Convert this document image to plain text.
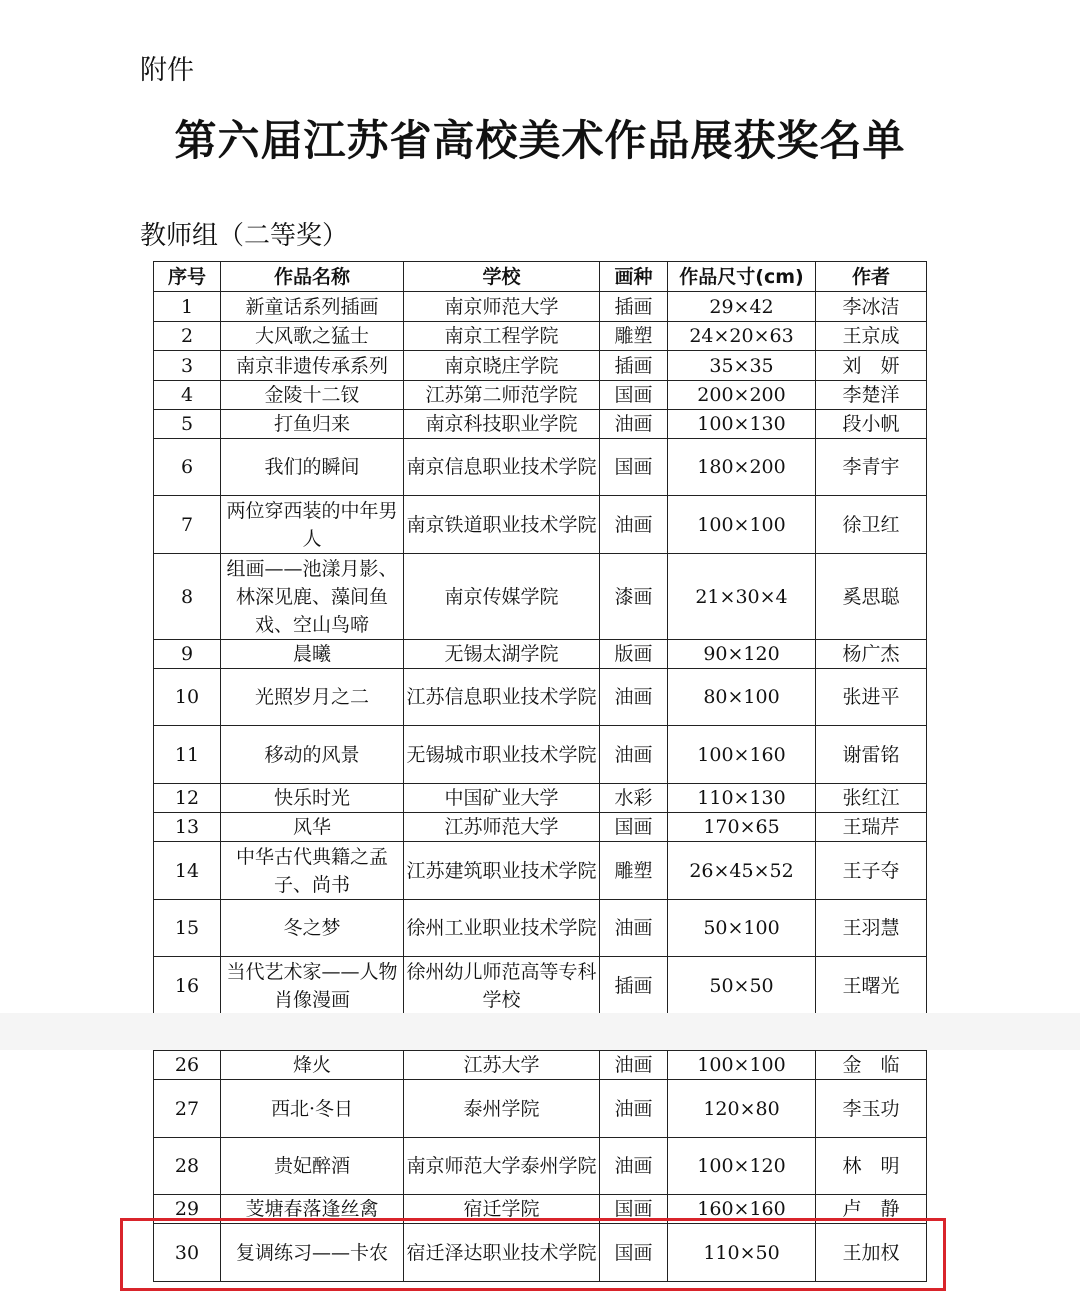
附件
第六届江苏省高校美术作品展获奖名单
教师组（二等奖）
序号	作品名称	学校	画种	作品尺寸(cm)	作者
1	新童话系列插画	南京师范大学	插画	29×42	李冰洁
2	大风歌之猛士	南京工程学院	雕塑	24×20×63	王京成
3	南京非遗传承系列	南京晓庄学院	插画	35×35	刘　妍
4	金陵十二钗	江苏第二师范学院	国画	200×200	李楚洋
5	打鱼归来	南京科技职业学院	油画	100×130	段小帆
6	我们的瞬间	南京信息职业技术学院	国画	180×200	李青宇
7	两位穿西装的中年男人	南京铁道职业技术学院	油画	100×100	徐卫红
8	组画——池漾月影、林深见鹿、藻间鱼戏、空山鸟啼	南京传媒学院	漆画	21×30×4	奚思聪
9	晨曦	无锡太湖学院	版画	90×120	杨广杰
10	光照岁月之二	江苏信息职业技术学院	油画	80×100	张进平
11	移动的风景	无锡城市职业技术学院	油画	100×160	谢雷铭
12	快乐时光	中国矿业大学	水彩	110×130	张红江
13	风华	江苏师范大学	国画	170×65	王瑞芹
14	中华古代典籍之孟子、尚书	江苏建筑职业技术学院	雕塑	26×45×52	王子夺
15	冬之梦	徐州工业职业技术学院	油画	50×100	王羽慧
16	当代艺术家——人物肖像漫画	徐州幼儿师范高等专科学校	插画	50×50	王曙光
26	烽火	江苏大学	油画	100×100	金　临
27	西北·冬日	泰州学院	油画	120×80	李玉功
28	贵妃醉酒	南京师范大学泰州学院	油画	100×120	林　明
29	芰塘春落逢丝禽	宿迁学院	国画	160×160	卢　静
30	复调练习——卡农	宿迁泽达职业技术学院	国画	110×50	王加权
